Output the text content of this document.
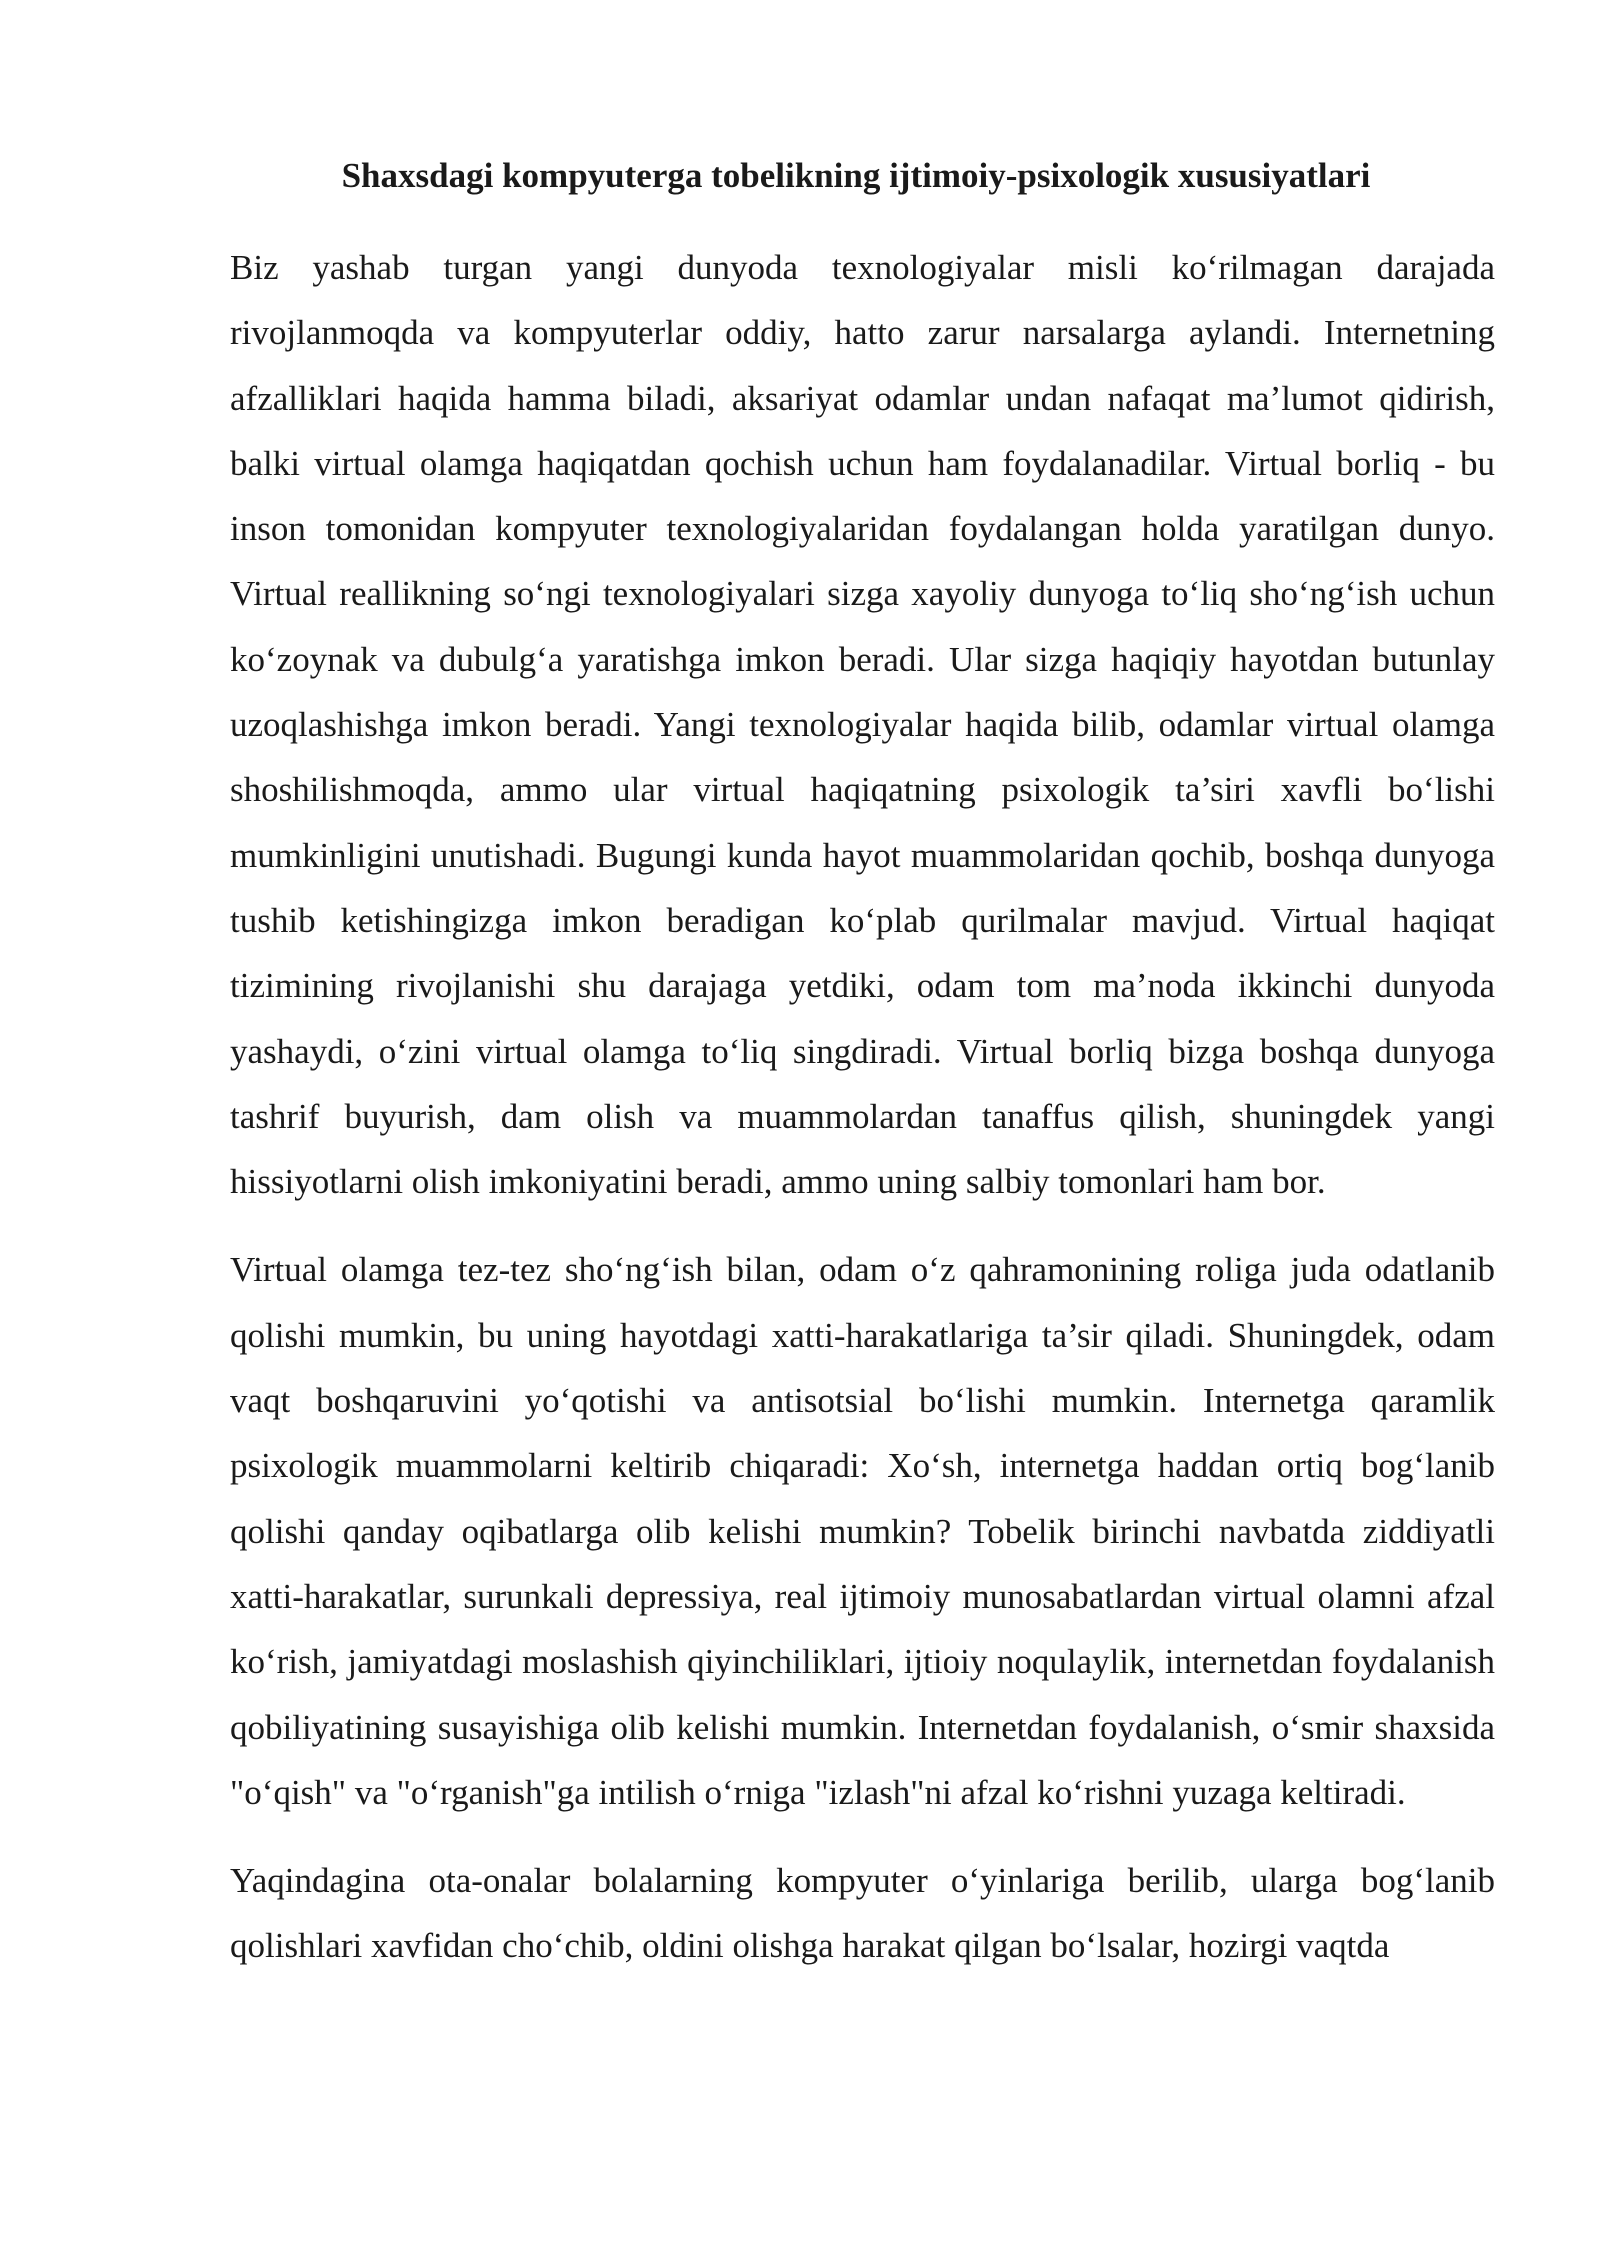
Shaxsdagi kompyuterga tobelikning ijtimoiy-psixologik xususiyatlari

Biz yashab turgan yangi dunyoda texnologiyalar misli ko‘rilmagan darajada rivojlanmoqda va kompyuterlar oddiy, hatto zarur narsalarga aylandi. Internetning afzalliklari haqida hamma biladi, aksariyat odamlar undan nafaqat ma’lumot qidirish, balki virtual olamga haqiqatdan qochish uchun ham foydalanadilar. Virtual borliq - bu inson tomonidan kompyuter texnologiyalaridan foydalangan holda yaratilgan dunyo. Virtual reallikning so‘ngi texnologiyalari sizga xayoliy dunyoga to‘liq sho‘ng‘ish uchun ko‘zoynak va dubulg‘a yaratishga imkon beradi. Ular sizga haqiqiy hayotdan butunlay uzoqlashishga imkon beradi. Yangi texnologiyalar haqida bilib, odamlar virtual olamga shoshilishmoqda, ammo ular virtual haqiqatning psixologik ta’siri xavfli bo‘lishi mumkinligini unutishadi. Bugungi kunda hayot muammolaridan qochib, boshqa dunyoga tushib ketishingizga imkon beradigan ko‘plab qurilmalar mavjud. Virtual haqiqat tizimining rivojlanishi shu darajaga yetdiki, odam tom ma’noda ikkinchi dunyoda yashaydi, o‘zini virtual olamga to‘liq singdiradi. Virtual borliq bizga boshqa dunyoga tashrif buyurish, dam olish va muammolardan tanaffus qilish, shuningdek yangi hissiyotlarni olish imkoniyatini beradi, ammo uning salbiy tomonlari ham bor.

Virtual olamga tez-tez sho‘ng‘ish bilan, odam o‘z qahramonining roliga juda odatlanib qolishi mumkin, bu uning hayotdagi xatti-harakatlariga ta’sir qiladi. Shuningdek, odam vaqt boshqaruvini yo‘qotishi va antisotsial bo‘lishi mumkin. Internetga qaramlik psixologik muammolarni keltirib chiqaradi: Xo‘sh, internetga haddan ortiq bog‘lanib qolishi qanday oqibatlarga olib kelishi mumkin? Tobelik birinchi navbatda ziddiyatli xatti-harakatlar, surunkali depressiya, real ijtimoiy munosabatlardan virtual olamni afzal ko‘rish, jamiyatdagi moslashish qiyinchiliklari, ijtioiy noqulaylik, internetdan foydalanish qobiliyatining susayishiga olib kelishi mumkin. Internetdan foydalanish, o‘smir shaxsida "o‘qish" va "o‘rganish"ga intilish o‘rniga "izlash"ni afzal ko‘rishni yuzaga keltiradi.

Yaqindagina ota-onalar bolalarning kompyuter o‘yinlariga berilib, ularga bog‘lanib qolishlari xavfidan cho‘chib, oldini olishga harakat qilgan bo‘lsalar, hozirgi vaqtda
